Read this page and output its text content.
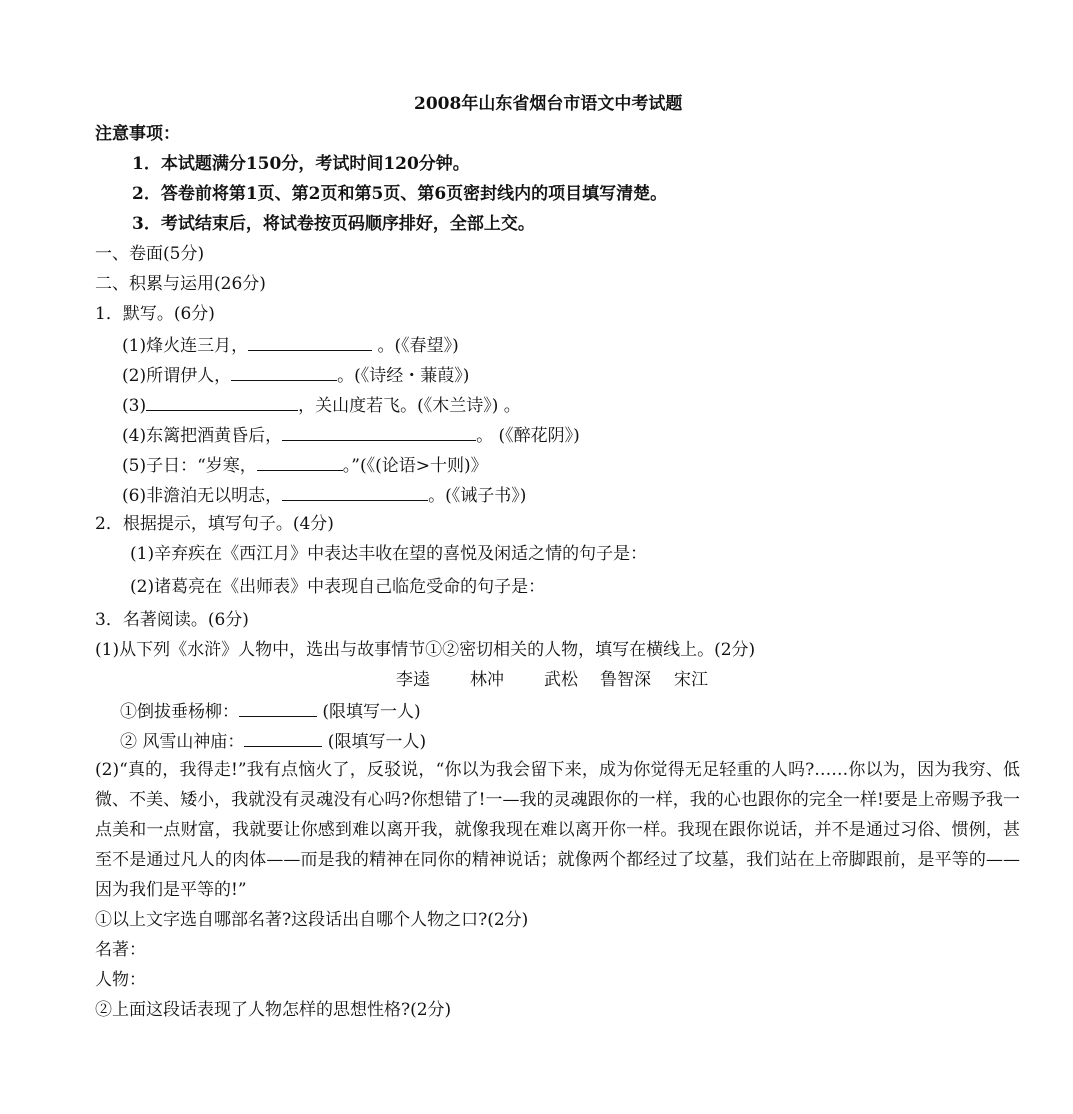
2008年山东省烟台市语文中考试题
注意事项：
1．本试题满分150分，考试时间120分钟。
2．答卷前将第1页、第2页和第5页、第6页密封线内的项目填写清楚。
3．考试结束后，将试卷按页码顺序排好，全部上交。
一、卷面(5分)
二、积累与运用(26分)
1．默写。(6分)
(1)烽火连三月，	。(《春望》)
(2)所谓伊人，	。(《诗经・蒹葭》)
(3)	，关山度若飞。(《木兰诗》) 。
(4)东篱把酒黄昏后，	。 (《醉花阴》)
(5)子日：“岁寒，	。”(《(论语>十则)》
(6)非澹泊无以明志，	。(《诫子书》)
2．根据提示，填写句子。(4分)
(1)辛弃疾在《西江月》中表达丰收在望的喜悦及闲适之情的句子是：
(2)诸葛亮在《出师表》中表现自己临危受命的句子是：
3．名著阅读。(6分)
(1)从下列《水浒》人物中，选出与故事情节①②密切相关的人物，填写在横线上。(2分)
李逵 林冲 武松 鲁智深 宋江
①倒拔垂杨柳：	(限填写一人)
② 风雪山神庙：	(限填写一人)
(2)“真的，我得走!”我有点恼火了，反驳说，“你以为我会留下来，成为你觉得无足轻重的人吗?……你以为，因为我穷、低微、不美、矮小，我就没有灵魂没有心吗?你想错了!一—我的灵魂跟你的一样，我的心也跟你的完全一样!要是上帝赐予我一点美和一点财富，我就要让你感到难以离开我，就像我现在难以离开你一样。我现在跟你说话，并不是通过习俗、惯例，甚至不是通过凡人的肉体——而是我的精神在同你的精神说话；就像两个都经过了坟墓，我们站在上帝脚跟前，是平等的——因为我们是平等的!”
①以上文字选自哪部名著?这段话出自哪个人物之口?(2分)
名著：
人物：
②上面这段话表现了人物怎样的思想性格?(2分)
